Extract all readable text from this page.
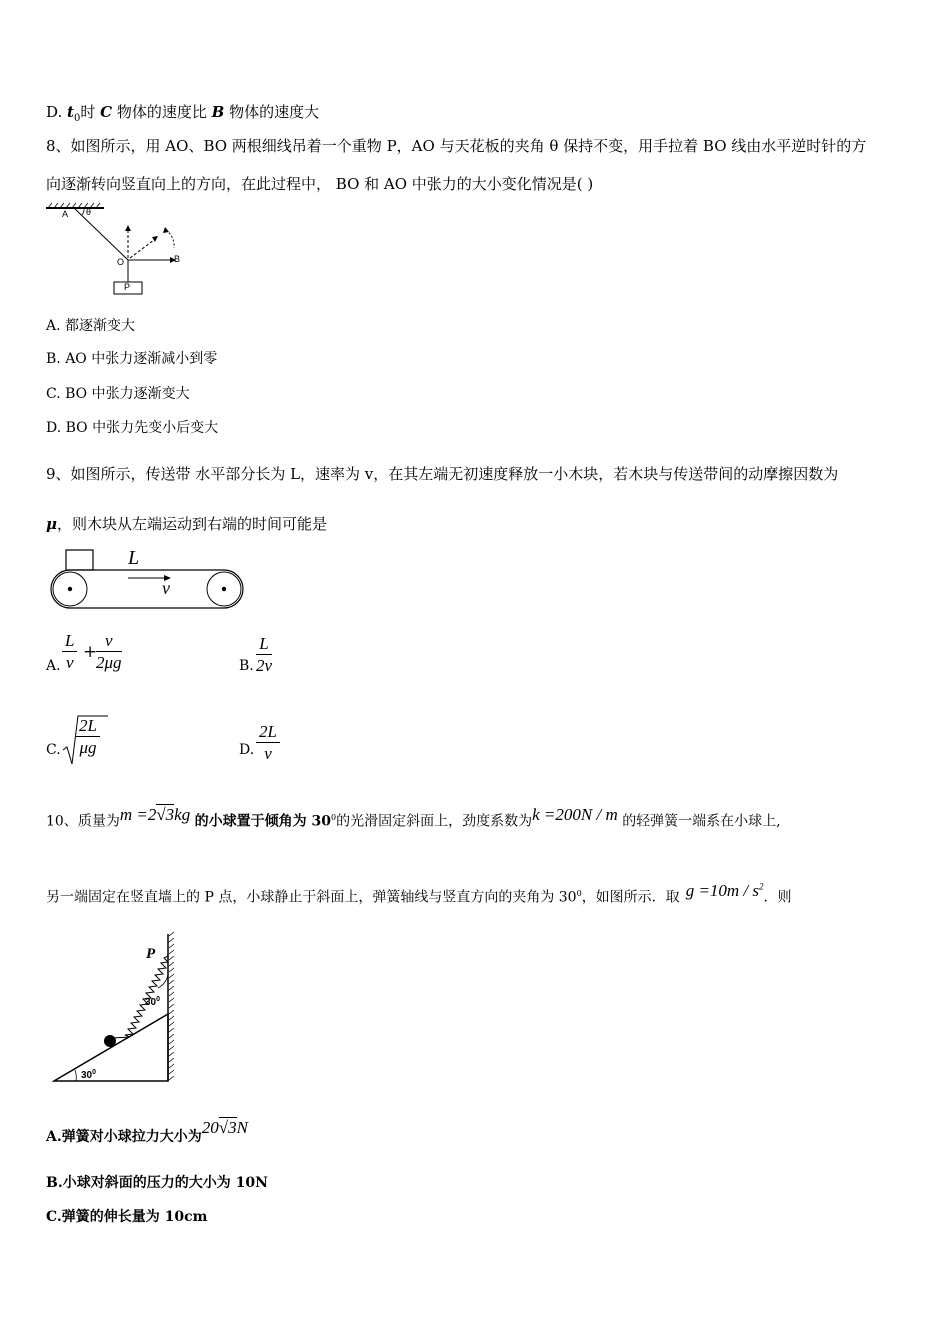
D. $t_0$时 C 物体的速度比 B 物体的速度大
8、如图所示，用 AO、BO 两根细线吊着一个重物 P，AO 与天花板的夹角 θ 保持不变，用手拉着 BO 线由水平逆时针的方
向逐渐转向竖直向上的方向，在此过程中， BO 和 AO 中张力的大小变化情况是( )
A θ
B
O
P
A. 都逐渐变大
B. AO 中张力逐渐减小到零
C. BO 中张力逐渐变大
D. BO 中张力先变小后变大
9、如图所示，传送带 水平部分长为 L，速率为 v，在其左端无初速度释放一小木块，若木块与传送带间的动摩擦因数为
μ，则木块从左端运动到右端的时间可能是
L
v
A. $\frac{L}{v}$ +
$\frac{v}{2\mu g}$	B. $\frac{L}{2v}$
C. $\frac{2L}{\mu g}$	D. $\frac{2L}{v}$
10、质量为m =2√3kg 的小球置于倾角为 $30^0$的光滑固定斜面上，劲度系数为k =200N / m 的轻弹簧一端系在小球上,
另一端固定在竖直墙上的 P 点，小球静止于斜面上，弹簧轴线与竖直方向的夹角为 $30^0$，如图所示．取 $g =10m / s^2$．则
$30^0$
P
$30^0$
A.弹簧对小球拉力大小为20√3N
B.小球对斜面的压力的大小为 10N
C.弹簧的伸长量为 10cm
